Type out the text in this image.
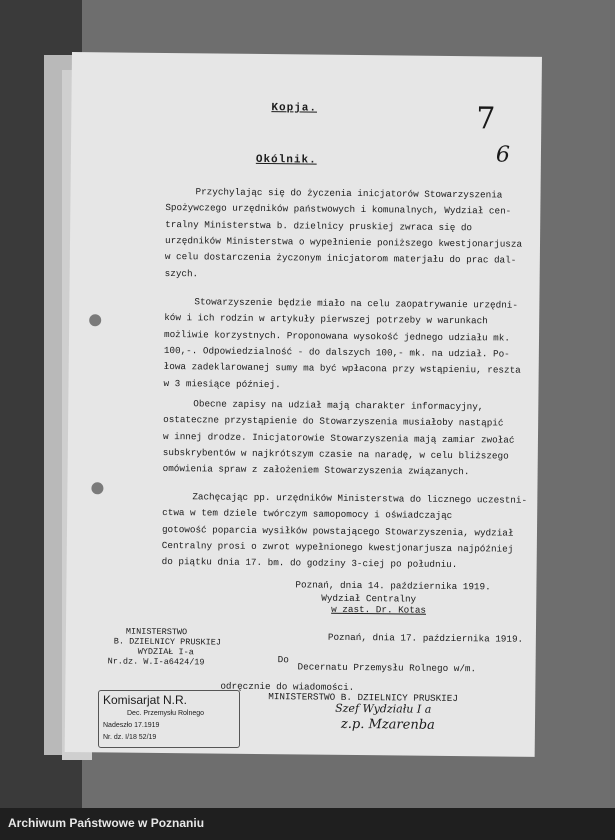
Kopja.	7
6
Okólnik.
Przychylając się do życzenia inicjatorów Stowarzyszenia
Spożywczego urzędników państwowych i komunalnych, Wydział cen-
tralny Ministerstwa b. dzielnicy pruskiej zwraca się do
urzędników Ministerstwa o wypełnienie poniższego kwestjonarjusza
w celu dostarczenia życzonym inicjatorom materjału do prac dal-
szych.
Stowarzyszenie będzie miało na celu zaopatrywanie urzędni-
ków i ich rodzin w artykuły pierwszej potrzeby w warunkach
możliwie korzystnych. Proponowana wysokość jednego udziału mk.
100,-. Odpowiedzialność - do dalszych 100,- mk. na udział. Po-
łowa zadeklarowanej sumy ma być wpłacona przy wstąpieniu, reszta
w 3 miesiące później.
Obecne zapisy na udział mają charakter informacyjny,
ostateczne przystąpienie do Stowarzyszenia musiałoby nastąpić
w innej drodze. Inicjatorowie Stowarzyszenia mają zamiar zwołać
subskrybentów w najkrótszym czasie na naradę, w celu bliższego
omówienia spraw z założeniem Stowarzyszenia związanych.
Zachęcając pp. urzędników Ministerstwa do licznego uczestni-
ctwa w tem dziele twórczym samopomocy i oświadczając
gotowość poparcia wysiłków powstającego Stowarzyszenia, wydział
Centralny prosi o zwrot wypełnionego kwestjonarjusza najpóźniej
do piątku dnia 17. bm. do godziny 3-ciej po południu.
Poznań, dnia 14. października 1919.
Wydział Centralny
w zast. Dr. Kotas
MINISTERSTWO
B. DZIELNICY PRUSKIEJ
WYDZIAŁ I-a
Nr.dz. W.I-a6424/19
Poznań, dnia 17. października 1919.
Do
Decernatu Przemysłu Rolnego w/m.
odręcznie do wiadomości.
MINISTERSTWO B. DZIELNICY PRUSKIEJ
Szef Wydziału I a
z.p. Mzarenba
Komisarjat N.R.
Dec. Przemysłu Rolnego
Nadeszło 17.1919
Nr. dz. I/18 52/19
Archiwum Państwowe w Poznaniu
